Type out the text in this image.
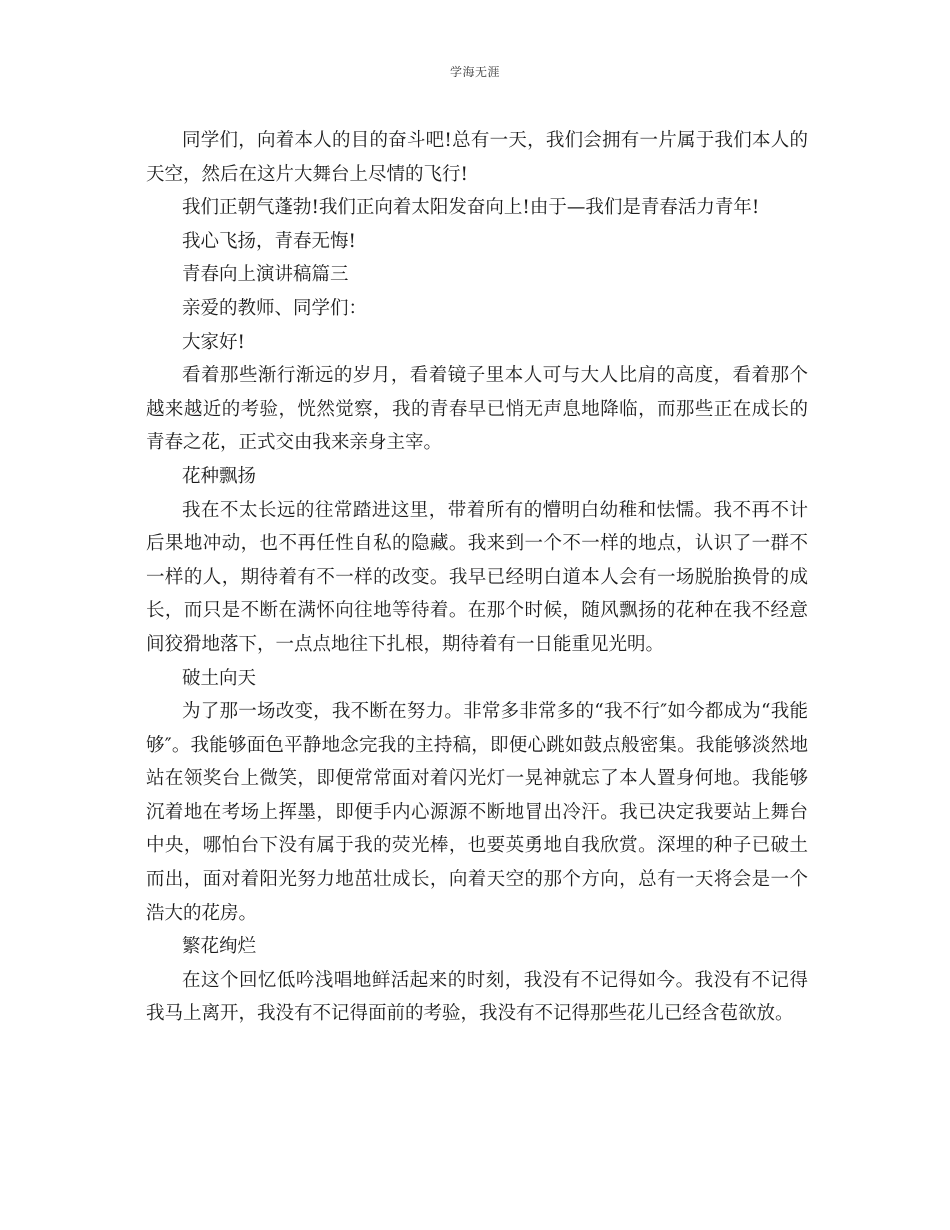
学海无涯

同学们，向着本人的目的奋斗吧!总有一天，我们会拥有一片属于我们本人的天空，然后在这片大舞台上尽情的飞行!

我们正朝气蓬勃!我们正向着太阳发奋向上!由于—我们是青春活力青年!

我心飞扬，青春无悔!

青春向上演讲稿篇三

亲爱的教师、同学们：

大家好!

看着那些渐行渐远的岁月，看着镜子里本人可与大人比肩的高度，看着那个越来越近的考验，恍然觉察，我的青春早已悄无声息地降临，而那些正在成长的青春之花，正式交由我来亲身主宰。

花种飘扬

我在不太长远的往常踏进这里，带着所有的懵明白幼稚和怯懦。我不再不计后果地冲动，也不再任性自私的隐藏。我来到一个不一样的地点，认识了一群不一样的人，期待着有不一样的改变。我早已经明白道本人会有一场脱胎换骨的成长，而只是不断在满怀向往地等待着。在那个时候，随风飘扬的花种在我不经意间狡猾地落下，一点点地往下扎根，期待着有一日能重见光明。

破土向天

为了那一场改变，我不断在努力。非常多非常多的“我不行″如今都成为“我能够″。我能够面色平静地念完我的主持稿，即便心跳如鼓点般密集。我能够淡然地站在领奖台上微笑，即便常常面对着闪光灯一晃神就忘了本人置身何地。我能够沉着地在考场上挥墨，即便手内心源源不断地冒出冷汗。我已决定我要站上舞台中央，哪怕台下没有属于我的荧光棒，也要英勇地自我欣赏。深埋的种子已破土而出，面对着阳光努力地茁壮成长，向着天空的那个方向，总有一天将会是一个浩大的花房。

繁花绚烂

在这个回忆低吟浅唱地鲜活起来的时刻，我没有不记得如今。我没有不记得我马上离开，我没有不记得面前的考验，我没有不记得那些花儿已经含苞欲放。
